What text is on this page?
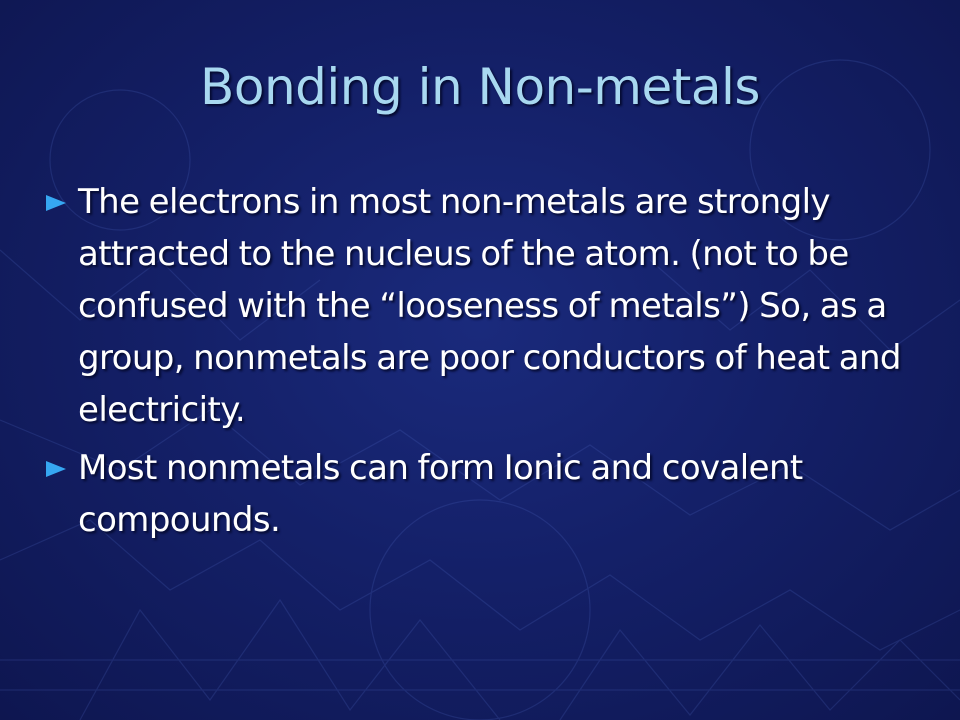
Bonding in Non-metals
The electrons in most non-metals are strongly attracted to the nucleus of the atom. (not to be confused with the “looseness of metals”) So, as a group, nonmetals are poor conductors of heat and electricity.
Most nonmetals can form Ionic and covalent compounds.
